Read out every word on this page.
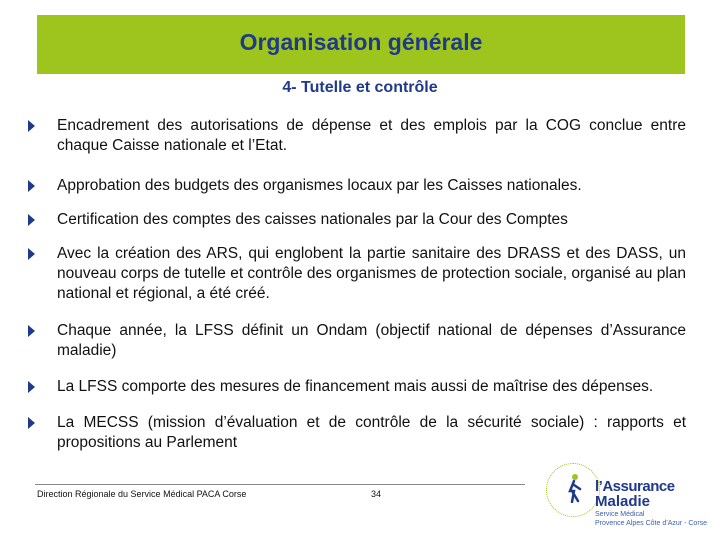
Organisation générale
4- Tutelle et contrôle
Encadrement des autorisations de dépense et des emplois par la COG conclue entre chaque Caisse nationale et l’Etat.
Approbation des budgets des organismes locaux par les Caisses nationales.
Certification des comptes des caisses nationales par la Cour des Comptes
Avec la création des ARS, qui englobent la partie sanitaire des DRASS et des DASS, un nouveau corps de tutelle et contrôle des organismes de protection sociale, organisé au plan national et régional, a été créé.
Chaque année, la LFSS définit un Ondam (objectif national de dépenses d’Assurance maladie)
La LFSS comporte des mesures de financement mais aussi de maîtrise des dépenses.
La MECSS (mission d’évaluation et de contrôle de la sécurité sociale) : rapports et propositions au Parlement
Direction Régionale du Service Médical PACA Corse	34	l’Assurance
Maladie
Service Médical
Provence Alpes Côte d’Azur - Corse
